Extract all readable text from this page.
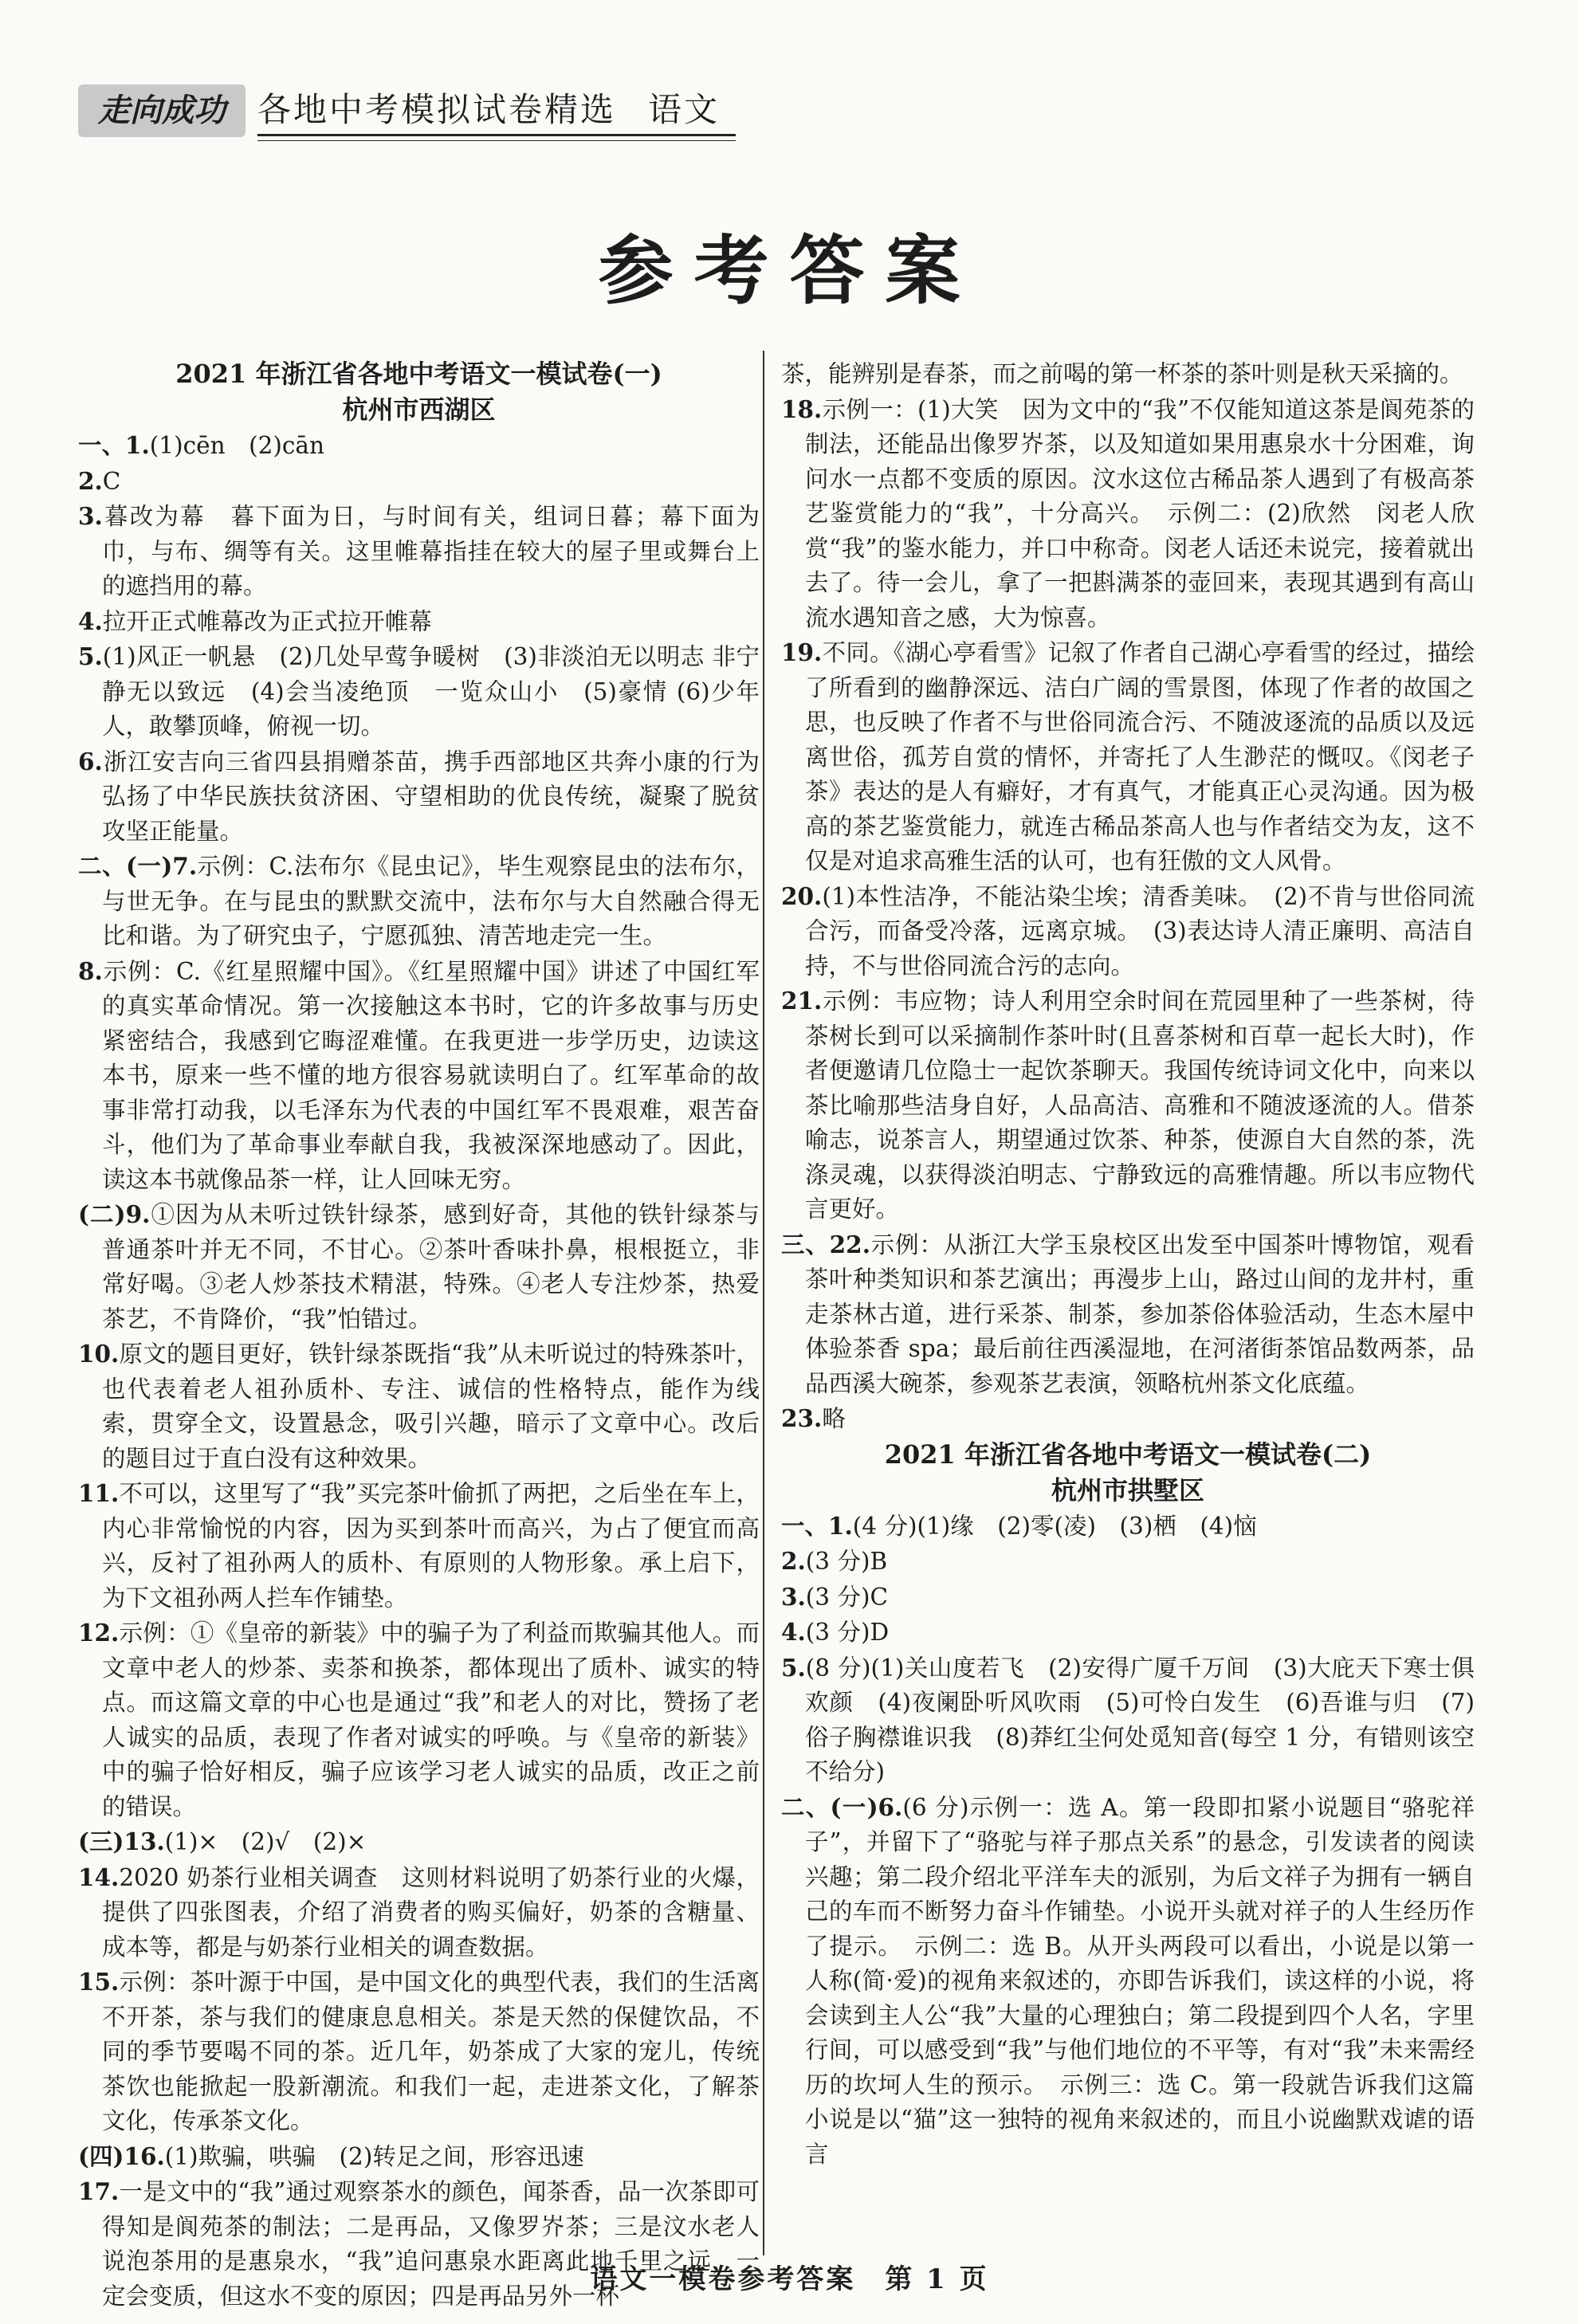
走向成功 各地中考模拟试卷精选 语文
参考答案
2021 年浙江省各地中考语文一模试卷(一)
杭州市西湖区
一、1.(1)cēn　(2)cān
2.C
3.暮改为幕　暮下面为日，与时间有关，组词日暮；幕下面为巾，与布、绸等有关。这里帷幕指挂在较大的屋子里或舞台上的遮挡用的幕。
4.拉开正式帷幕改为正式拉开帷幕
5.(1)风正一帆悬　(2)几处早莺争暖树　(3)非淡泊无以明志 非宁静无以致远　(4)会当凌绝顶　一览众山小　(5)豪情 (6)少年人，敢攀顶峰，俯视一切。
6.浙江安吉向三省四县捐赠茶苗，携手西部地区共奔小康的行为弘扬了中华民族扶贫济困、守望相助的优良传统，凝聚了脱贫攻坚正能量。
二、(一)7.示例：C.法布尔《昆虫记》，毕生观察昆虫的法布尔，与世无争。在与昆虫的默默交流中，法布尔与大自然融合得无比和谐。为了研究虫子，宁愿孤独、清苦地走完一生。
8.示例：C.《红星照耀中国》。《红星照耀中国》讲述了中国红军的真实革命情况。第一次接触这本书时，它的许多故事与历史紧密结合，我感到它晦涩难懂。在我更进一步学历史，边读这本书，原来一些不懂的地方很容易就读明白了。红军革命的故事非常打动我，以毛泽东为代表的中国红军不畏艰难，艰苦奋斗，他们为了革命事业奉献自我，我被深深地感动了。因此，读这本书就像品茶一样，让人回味无穷。
(二)9.①因为从未听过铁针绿茶，感到好奇，其他的铁针绿茶与普通茶叶并无不同，不甘心。②茶叶香味扑鼻，根根挺立，非常好喝。③老人炒茶技术精湛，特殊。④老人专注炒茶，热爱茶艺，不肯降价，“我”怕错过。
10.原文的题目更好，铁针绿茶既指“我”从未听说过的特殊茶叶，也代表着老人祖孙质朴、专注、诚信的性格特点，能作为线索，贯穿全文，设置悬念，吸引兴趣，暗示了文章中心。改后的题目过于直白没有这种效果。
11.不可以，这里写了“我”买完茶叶偷抓了两把，之后坐在车上，内心非常愉悦的内容，因为买到茶叶而高兴，为占了便宜而高兴，反衬了祖孙两人的质朴、有原则的人物形象。承上启下，为下文祖孙两人拦车作铺垫。
12.示例：①《皇帝的新装》中的骗子为了利益而欺骗其他人。而文章中老人的炒茶、卖茶和换茶，都体现出了质朴、诚实的特点。而这篇文章的中心也是通过“我”和老人的对比，赞扬了老人诚实的品质，表现了作者对诚实的呼唤。与《皇帝的新装》中的骗子恰好相反，骗子应该学习老人诚实的品质，改正之前的错误。
(三)13.(1)×　(2)√　(2)×
14.2020 奶茶行业相关调查　这则材料说明了奶茶行业的火爆，提供了四张图表，介绍了消费者的购买偏好，奶茶的含糖量、成本等，都是与奶茶行业相关的调查数据。
15.示例：茶叶源于中国，是中国文化的典型代表，我们的生活离不开茶，茶与我们的健康息息相关。茶是天然的保健饮品，不同的季节要喝不同的茶。近几年，奶茶成了大家的宠儿，传统茶饮也能掀起一股新潮流。和我们一起，走进茶文化，了解茶文化，传承茶文化。
(四)16.(1)欺骗，哄骗　(2)转足之间，形容迅速
17.一是文中的“我”通过观察茶水的颜色，闻茶香，品一次茶即可得知是阆苑茶的制法；二是再品，又像罗岕茶；三是汶水老人说泡茶用的是惠泉水，“我”追问惠泉水距离此地千里之远，一定会变质，但这水不变的原因；四是再品另外一杯
茶，能辨别是春茶，而之前喝的第一杯茶的茶叶则是秋天采摘的。
18.示例一：(1)大笑　因为文中的“我”不仅能知道这茶是阆苑茶的制法，还能品出像罗岕茶，以及知道如果用惠泉水十分困难，询问水一点都不变质的原因。汶水这位古稀品茶人遇到了有极高茶艺鉴赏能力的“我”，十分高兴。　示例二：(2)欣然　闵老人欣赏“我”的鉴水能力，并口中称奇。闵老人话还未说完，接着就出去了。待一会儿，拿了一把斟满茶的壶回来，表现其遇到有高山流水遇知音之感，大为惊喜。
19.不同。《湖心亭看雪》记叙了作者自己湖心亭看雪的经过，描绘了所看到的幽静深远、洁白广阔的雪景图，体现了作者的故国之思，也反映了作者不与世俗同流合污、不随波逐流的品质以及远离世俗，孤芳自赏的情怀，并寄托了人生渺茫的慨叹。《闵老子茶》表达的是人有癖好，才有真气，才能真正心灵沟通。因为极高的茶艺鉴赏能力，就连古稀品茶高人也与作者结交为友，这不仅是对追求高雅生活的认可，也有狂傲的文人风骨。
20.(1)本性洁净，不能沾染尘埃；清香美味。　(2)不肯与世俗同流合污，而备受冷落，远离京城。　(3)表达诗人清正廉明、高洁自持，不与世俗同流合污的志向。
21.示例：韦应物；诗人利用空余时间在荒园里种了一些茶树，待茶树长到可以采摘制作茶叶时(且喜茶树和百草一起长大时)，作者便邀请几位隐士一起饮茶聊天。我国传统诗词文化中，向来以茶比喻那些洁身自好，人品高洁、高雅和不随波逐流的人。借茶喻志，说茶言人，期望通过饮茶、种茶，使源自大自然的茶，洗涤灵魂，以获得淡泊明志、宁静致远的高雅情趣。所以韦应物代言更好。
三、22.示例：从浙江大学玉泉校区出发至中国茶叶博物馆，观看茶叶种类知识和茶艺演出；再漫步上山，路过山间的龙井村，重走茶林古道，进行采茶、制茶，参加茶俗体验活动，生态木屋中体验茶香 spa；最后前往西溪湿地，在河渚街茶馆品数两茶，品品西溪大碗茶，参观茶艺表演，领略杭州茶文化底蕴。
23.略
2021 年浙江省各地中考语文一模试卷(二)
杭州市拱墅区
一、1.(4 分)(1)缘　(2)零(凌)　(3)栖　(4)恼
2.(3 分)B
3.(3 分)C
4.(3 分)D
5.(8 分)(1)关山度若飞　(2)安得广厦千万间　(3)大庇天下寒士俱欢颜　(4)夜阑卧听风吹雨　(5)可怜白发生　(6)吾谁与归　(7)俗子胸襟谁识我　(8)莽红尘何处觅知音(每空 1 分，有错则该空不给分)
二、(一)6.(6 分)示例一：选 A。第一段即扣紧小说题目“骆驼祥子”，并留下了“骆驼与祥子那点关系”的悬念，引发读者的阅读兴趣；第二段介绍北平洋车夫的派别，为后文祥子为拥有一辆自己的车而不断努力奋斗作铺垫。小说开头就对祥子的人生经历作了提示。　示例二：选 B。从开头两段可以看出，小说是以第一人称(简·爱)的视角来叙述的，亦即告诉我们，读这样的小说，将会读到主人公“我”大量的心理独白；第二段提到四个人名，字里行间，可以感受到“我”与他们地位的不平等，有对“我”未来需经历的坎坷人生的预示。　示例三：选 C。第一段就告诉我们这篇小说是以“猫”这一独特的视角来叙述的，而且小说幽默戏谑的语言
语文一模卷参考答案　第 1 页
